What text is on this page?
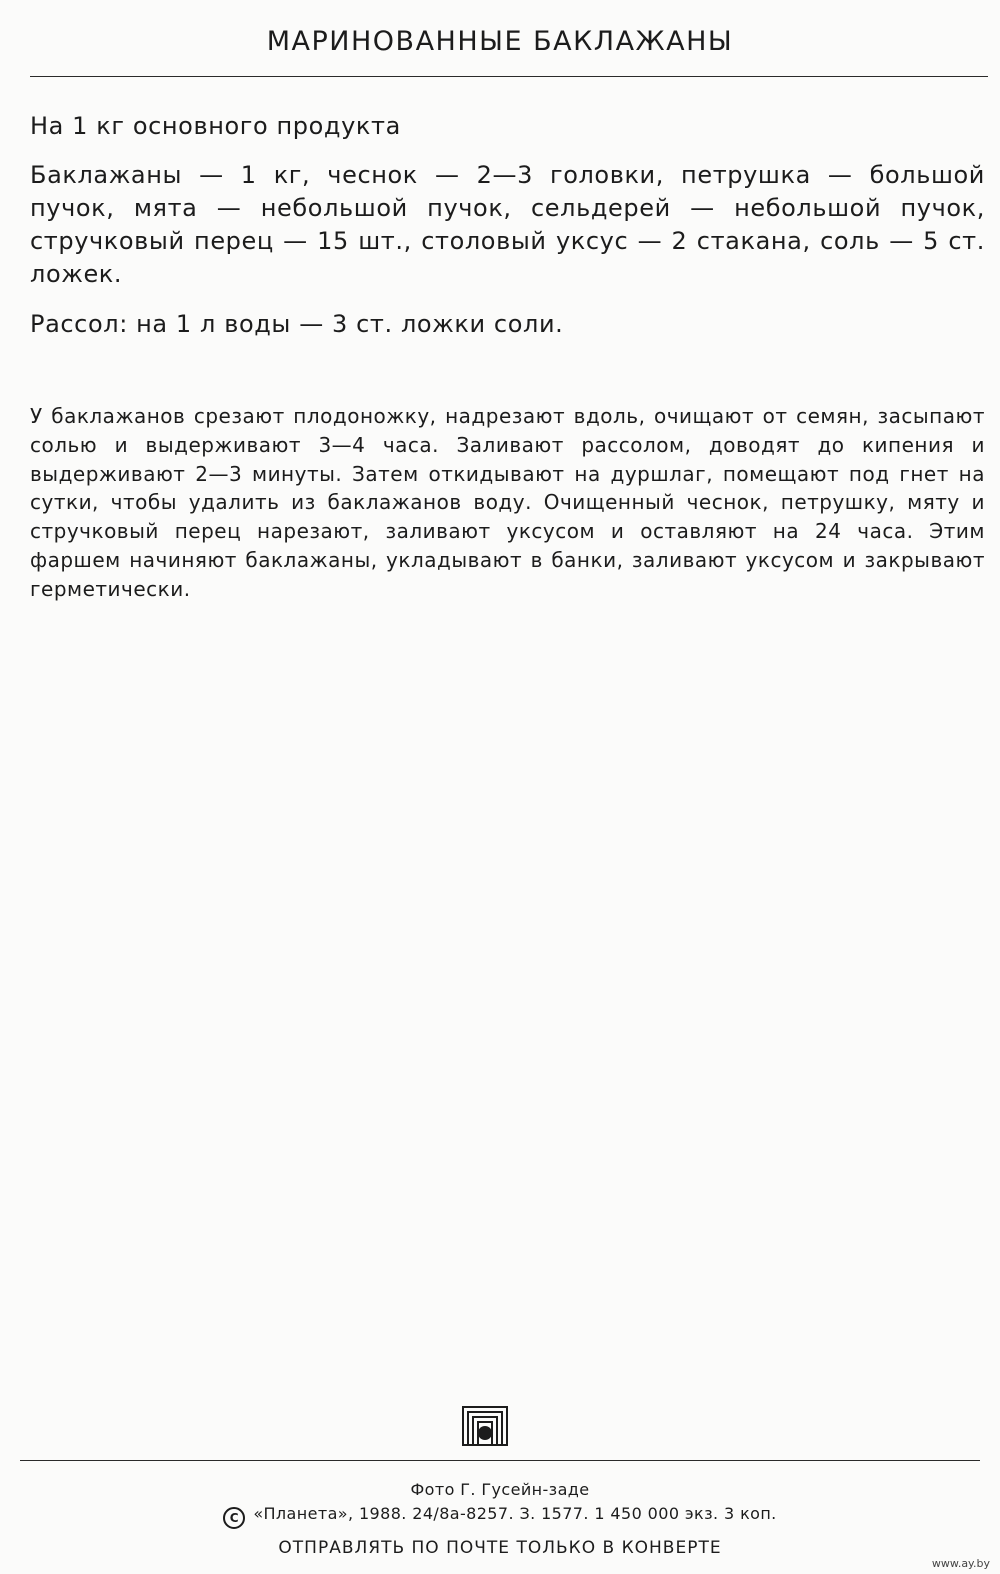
МАРИНОВАННЫЕ БАКЛАЖАНЫ

На 1 кг основного продукта

Баклажаны — 1 кг, чеснок — 2—3 головки, петрушка — большой пучок, мята — небольшой пучок, сельдерей — небольшой пучок, стручковый перец — 15 шт., столовый уксус — 2 стакана, соль — 5 ст. ложек.

Рассол: на 1 л воды — 3 ст. ложки соли.

У баклажанов срезают плодоножку, надрезают вдоль, очищают от семян, засыпают солью и выдерживают 3—4 часа. Заливают рассолом, доводят до кипения и выдерживают 2—3 минуты. Затем откидывают на дуршлаг, помещают под гнет на сутки, чтобы удалить из баклажанов воду. Очищенный чеснок, петрушку, мяту и стручковый перец нарезают, заливают уксусом и оставляют на 24 часа. Этим фаршем начиняют баклажаны, укладывают в банки, заливают уксусом и закрывают герметически.

Фото Г. Гусейн-заде
C «Планета», 1988. 24/8а-8257. З. 1577. 1 450 000 экз. 3 коп.
ОТПРАВЛЯТЬ ПО ПОЧТЕ ТОЛЬКО В КОНВЕРТЕ
www.ay.by
